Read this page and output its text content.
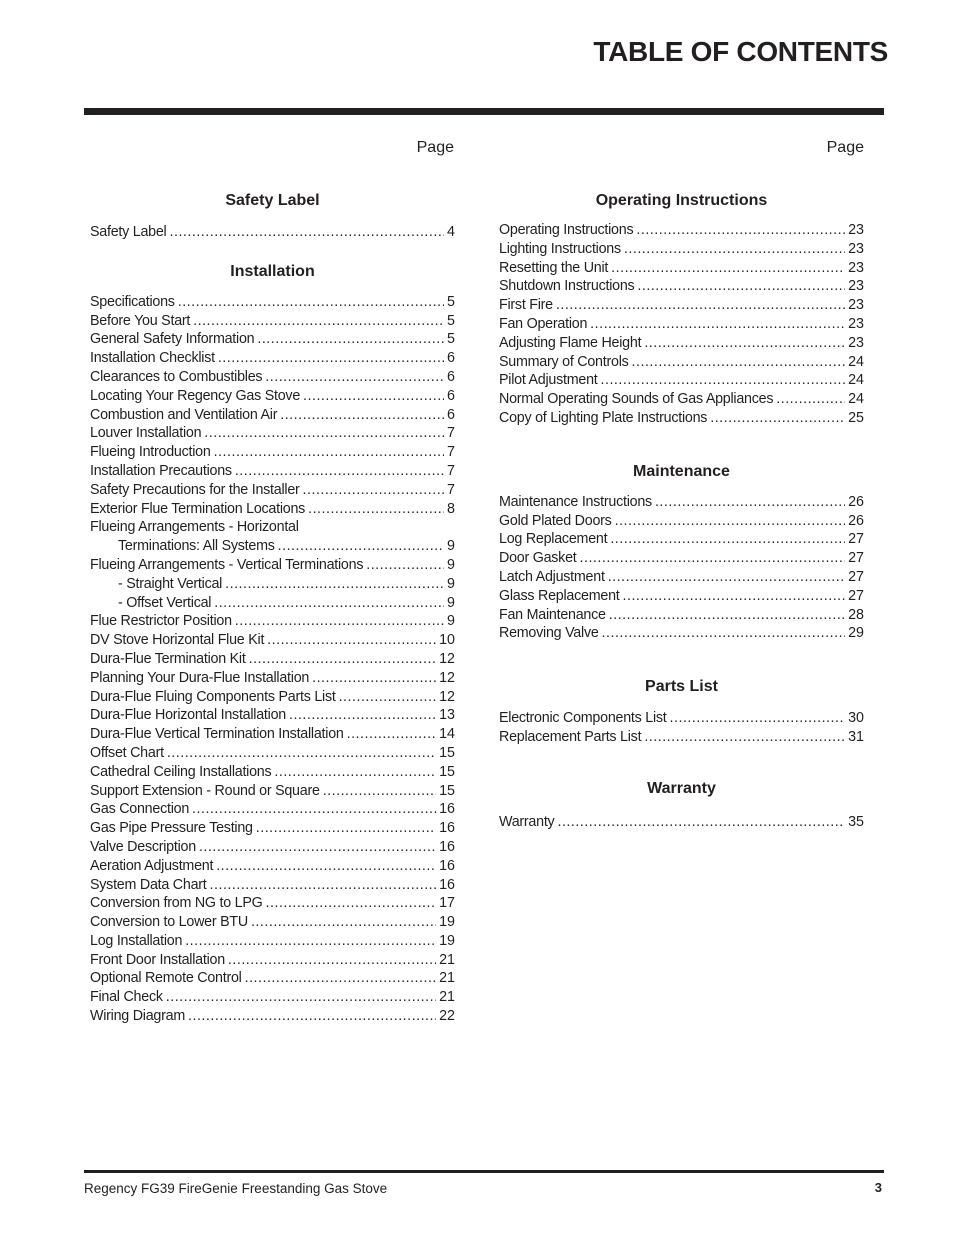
TABLE OF CONTENTS
Page
Safety Label
Safety Label .....	4
Installation
Specifications .....	5
Before You Start .....	5
General Safety Information .....	5
Installation Checklist .....	6
Clearances to Combustibles .....	6
Locating Your Regency Gas Stove .....	6
Combustion and Ventilation Air .....	6
Louver Installation .....	7
Flueing Introduction .....	7
Installation Precautions .....	7
Safety Precautions for the Installer .....	7
Exterior Flue Termination Locations .....	8
Flueing Arrangements - Horizontal
Terminations: All Systems .....	9
Flueing Arrangements - Vertical Terminations .....	9
- Straight Vertical .....	9
- Offset Vertical .....	9
Flue Restrictor Position .....	9
DV Stove Horizontal Flue Kit .....	10
Dura-Flue Termination Kit .....	12
Planning Your Dura-Flue Installation .....	12
Dura-Flue Fluing Components Parts List .....	12
Dura-Flue Horizontal Installation .....	13
Dura-Flue Vertical Termination Installation .....	14
Offset Chart .....	15
Cathedral Ceiling Installations .....	15
Support Extension - Round or Square .....	15
Gas Connection .....	16
Gas Pipe Pressure Testing .....	16
Valve Description .....	16
Aeration Adjustment .....	16
System Data Chart .....	16
Conversion from NG to LPG .....	17
Conversion to Lower BTU .....	19
Log Installation .....	19
Front Door Installation .....	21
Optional Remote Control .....	21
Final Check .....	21
Wiring Diagram .....	22
Page
Operating Instructions
Operating Instructions .....	23
Lighting Instructions .....	23
Resetting the Unit .....	23
Shutdown Instructions .....	23
First Fire .....	23
Fan Operation .....	23
Adjusting Flame Height .....	23
Summary of Controls .....	24
Pilot Adjustment .....	24
Normal Operating Sounds of Gas Appliances .....	24
Copy of Lighting Plate Instructions .....	25
Maintenance
Maintenance Instructions .....	26
Gold Plated Doors .....	26
Log Replacement .....	27
Door Gasket .....	27
Latch Adjustment .....	27
Glass Replacement .....	27
Fan Maintenance .....	28
Removing Valve .....	29
Parts List
Electronic Components List .....	30
Replacement Parts List .....	31
Warranty
Warranty .....	35
Regency FG39 FireGenie Freestanding Gas Stove	3
